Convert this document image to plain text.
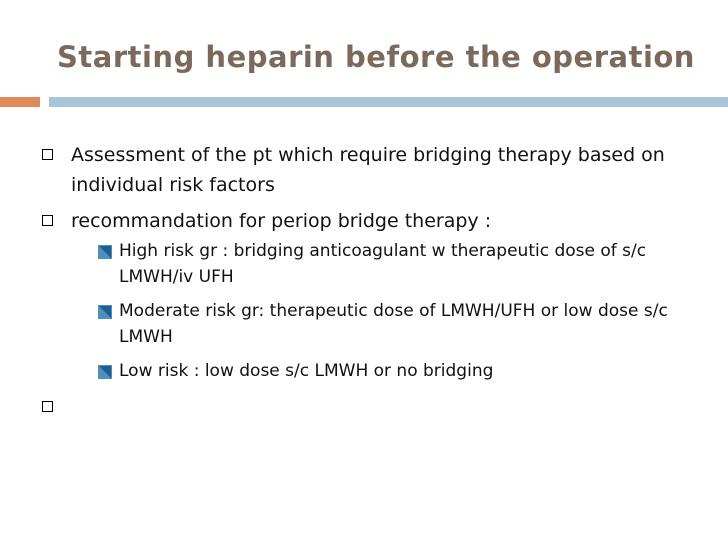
Starting heparin before the operation
Assessment of the pt which require bridging therapy based on individual risk factors
recommandation for periop bridge therapy :
High risk gr : bridging anticoagulant w therapeutic dose of s/c LMWH/iv UFH
Moderate risk gr: therapeutic dose of LMWH/UFH or low dose s/c LMWH
Low risk : low dose s/c LMWH or no bridging
